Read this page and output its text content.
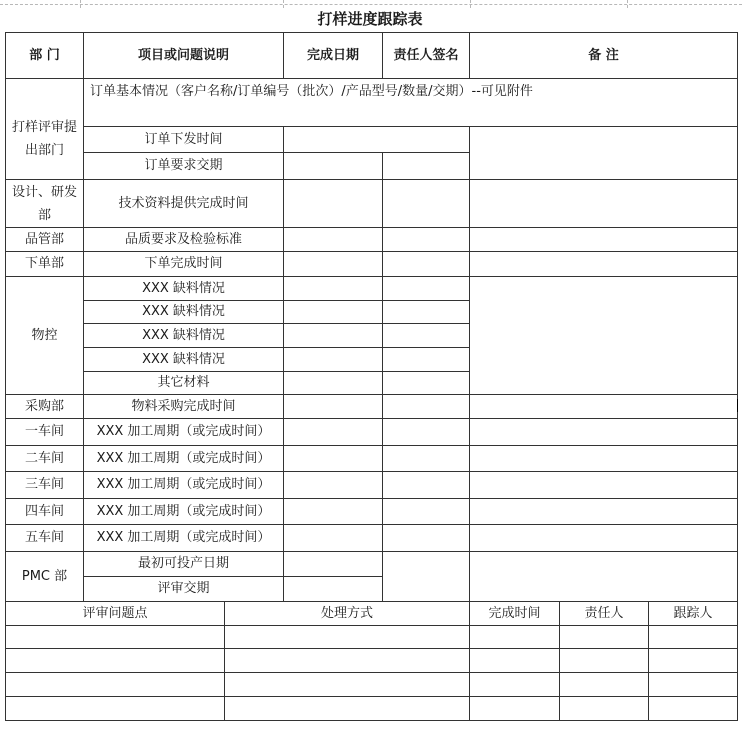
打样进度跟踪表
部 门	项目或问题说明		完成日期	责任人签名	备 注		
打样评审提出部门	订单基本情况（客户名称/订单编号（批次）/产品型号/数量/交期）--可见附件						
	订单下发时间						
	订单要求交期						
设计、研发部	技术资料提供完成时间						
品管部	品质要求及检验标准						
下单部	下单完成时间						
物控	XXX 缺料情况						
	XXX 缺料情况						
	XXX 缺料情况						
	XXX 缺料情况						
	其它材料						
采购部	物料采购完成时间						
一车间	XXX 加工周期（或完成时间）						
二车间	XXX 加工周期（或完成时间）						
三车间	XXX 加工周期（或完成时间）						
四车间	XXX 加工周期（或完成时间）						
五车间	XXX 加工周期（或完成时间）						
PMC 部	最初可投产日期						
	评审交期						
评审问题点		处理方式			完成时间	责任人	跟踪人
